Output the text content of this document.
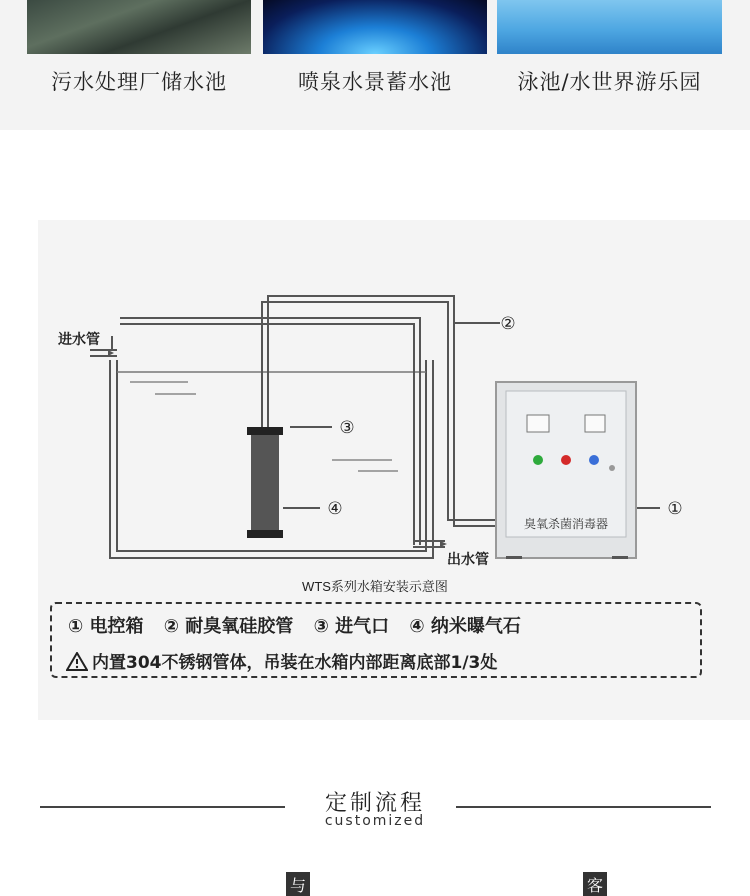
污水处理厂储水池	喷泉水景蓄水池	泳池/水世界游乐园
臭氧杀菌消毒器
进水管
出水管
②
③
④	①
WTS系列水箱安装示意图
① 电控箱 ② 耐臭氧硅胶管 ③ 进气口 ④ 纳米曝气石
内置304不锈钢管体，吊装在水箱内部距离底部1/3处
定制流程
customized
与	客
